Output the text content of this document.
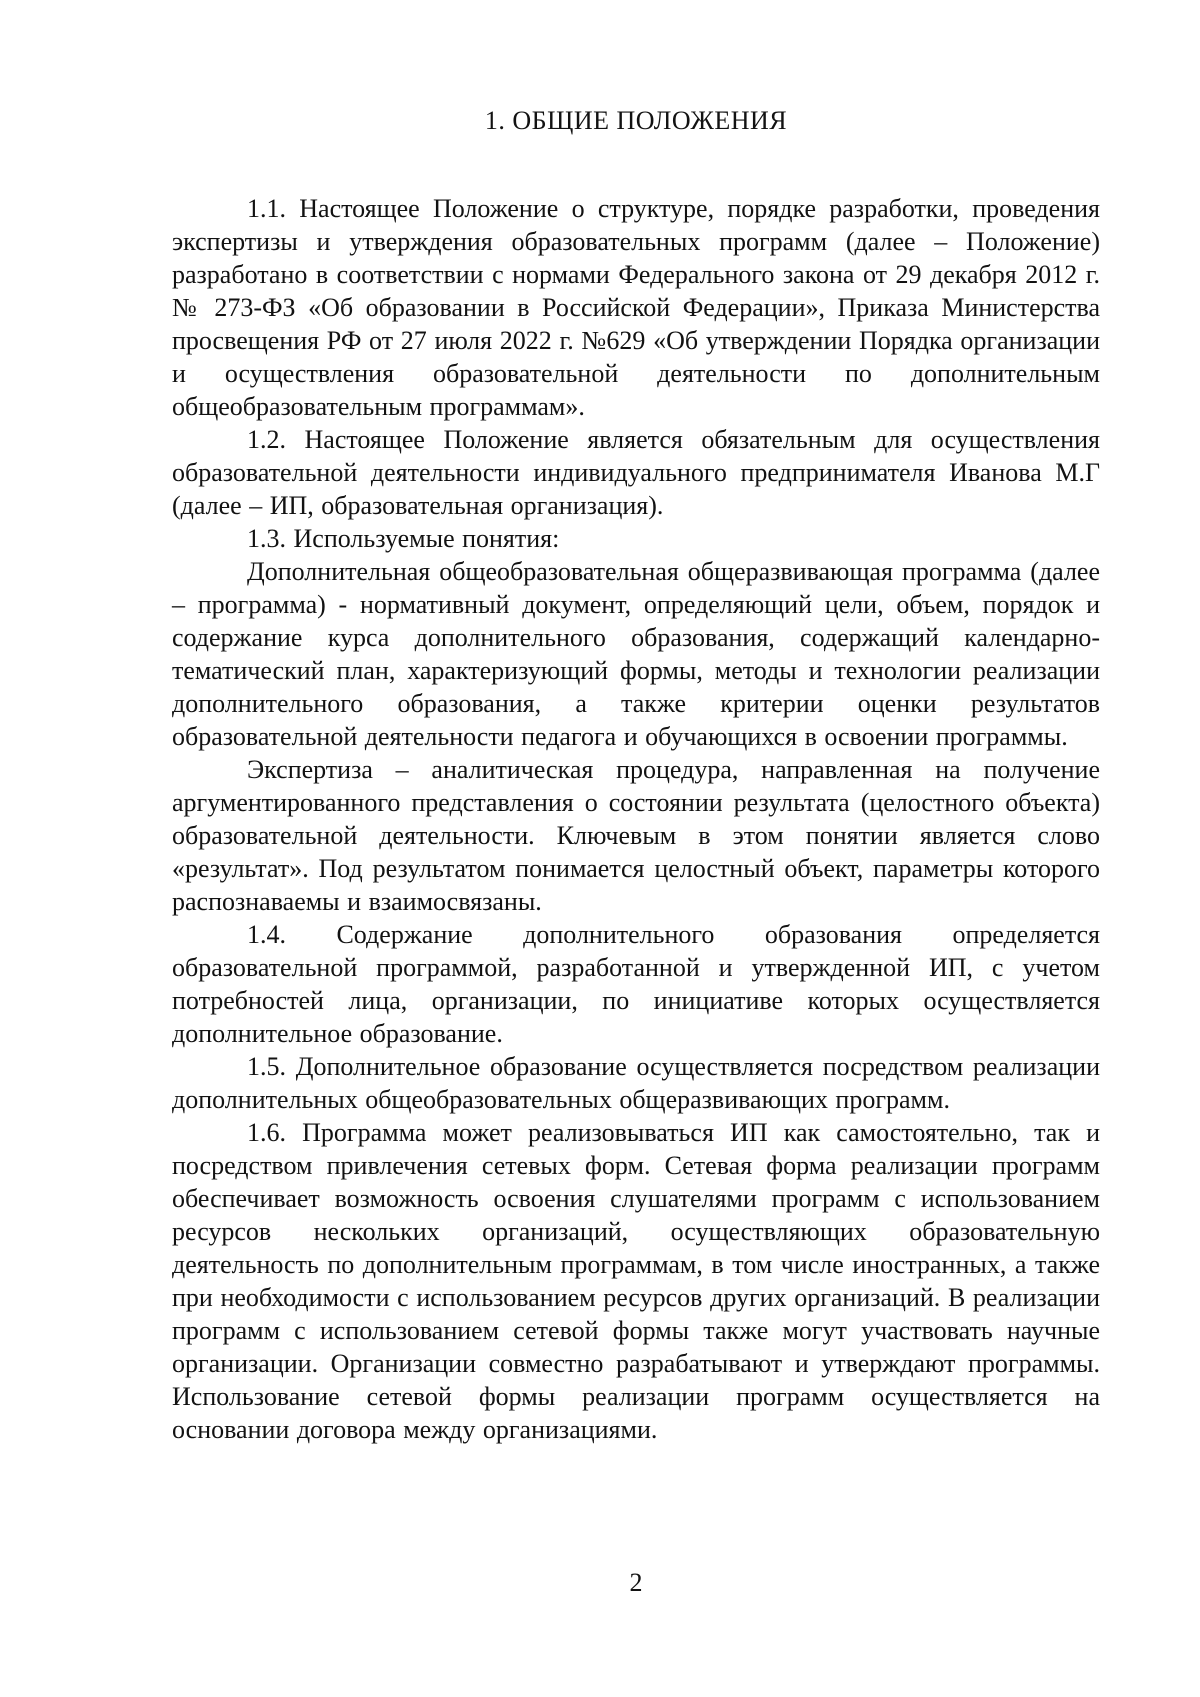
1. ОБЩИЕ ПОЛОЖЕНИЯ

1.1. Настоящее Положение о структуре, порядке разработки, проведения экспертизы и утверждения образовательных программ (далее – Положение) разработано в соответствии с нормами Федерального закона от 29 декабря 2012 г. № 273-ФЗ «Об образовании в Российской Федерации», Приказа Министерства просвещения РФ от 27 июля 2022 г. №629 «Об утверждении Порядка организации и осуществления образовательной деятельности по дополнительным общеобразовательным программам».

1.2. Настоящее Положение является обязательным для осуществления образовательной деятельности индивидуального предпринимателя Иванова М.Г (далее – ИП, образовательная организация).

1.3. Используемые понятия:

Дополнительная общеобразовательная общеразвивающая программа (далее – программа) - нормативный документ, определяющий цели, объем, порядок и содержание курса дополнительного образования, содержащий календарно-тематический план, характеризующий формы, методы и технологии реализации дополнительного образования, а также критерии оценки результатов образовательной деятельности педагога и обучающихся в освоении программы.

Экспертиза – аналитическая процедура, направленная на получение аргументированного представления о состоянии результата (целостного объекта) образовательной деятельности. Ключевым в этом понятии является слово «результат». Под результатом понимается целостный объект, параметры которого распознаваемы и взаимосвязаны.

1.4. Содержание дополнительного образования определяется образовательной программой, разработанной и утвержденной ИП, с учетом потребностей лица, организации, по инициативе которых осуществляется дополнительное образование.

1.5. Дополнительное образование осуществляется посредством реализации дополнительных общеобразовательных общеразвивающих программ.

1.6. Программа может реализовываться ИП как самостоятельно, так и посредством привлечения сетевых форм. Сетевая форма реализации программ обеспечивает возможность освоения слушателями программ с использованием ресурсов нескольких организаций, осуществляющих образовательную деятельность по дополнительным программам, в том числе иностранных, а также при необходимости с использованием ресурсов других организаций. В реализации программ с использованием сетевой формы также могут участвовать научные организации. Организации совместно разрабатывают и утверждают программы. Использование сетевой формы реализации программ осуществляется на основании договора между организациями.

2
